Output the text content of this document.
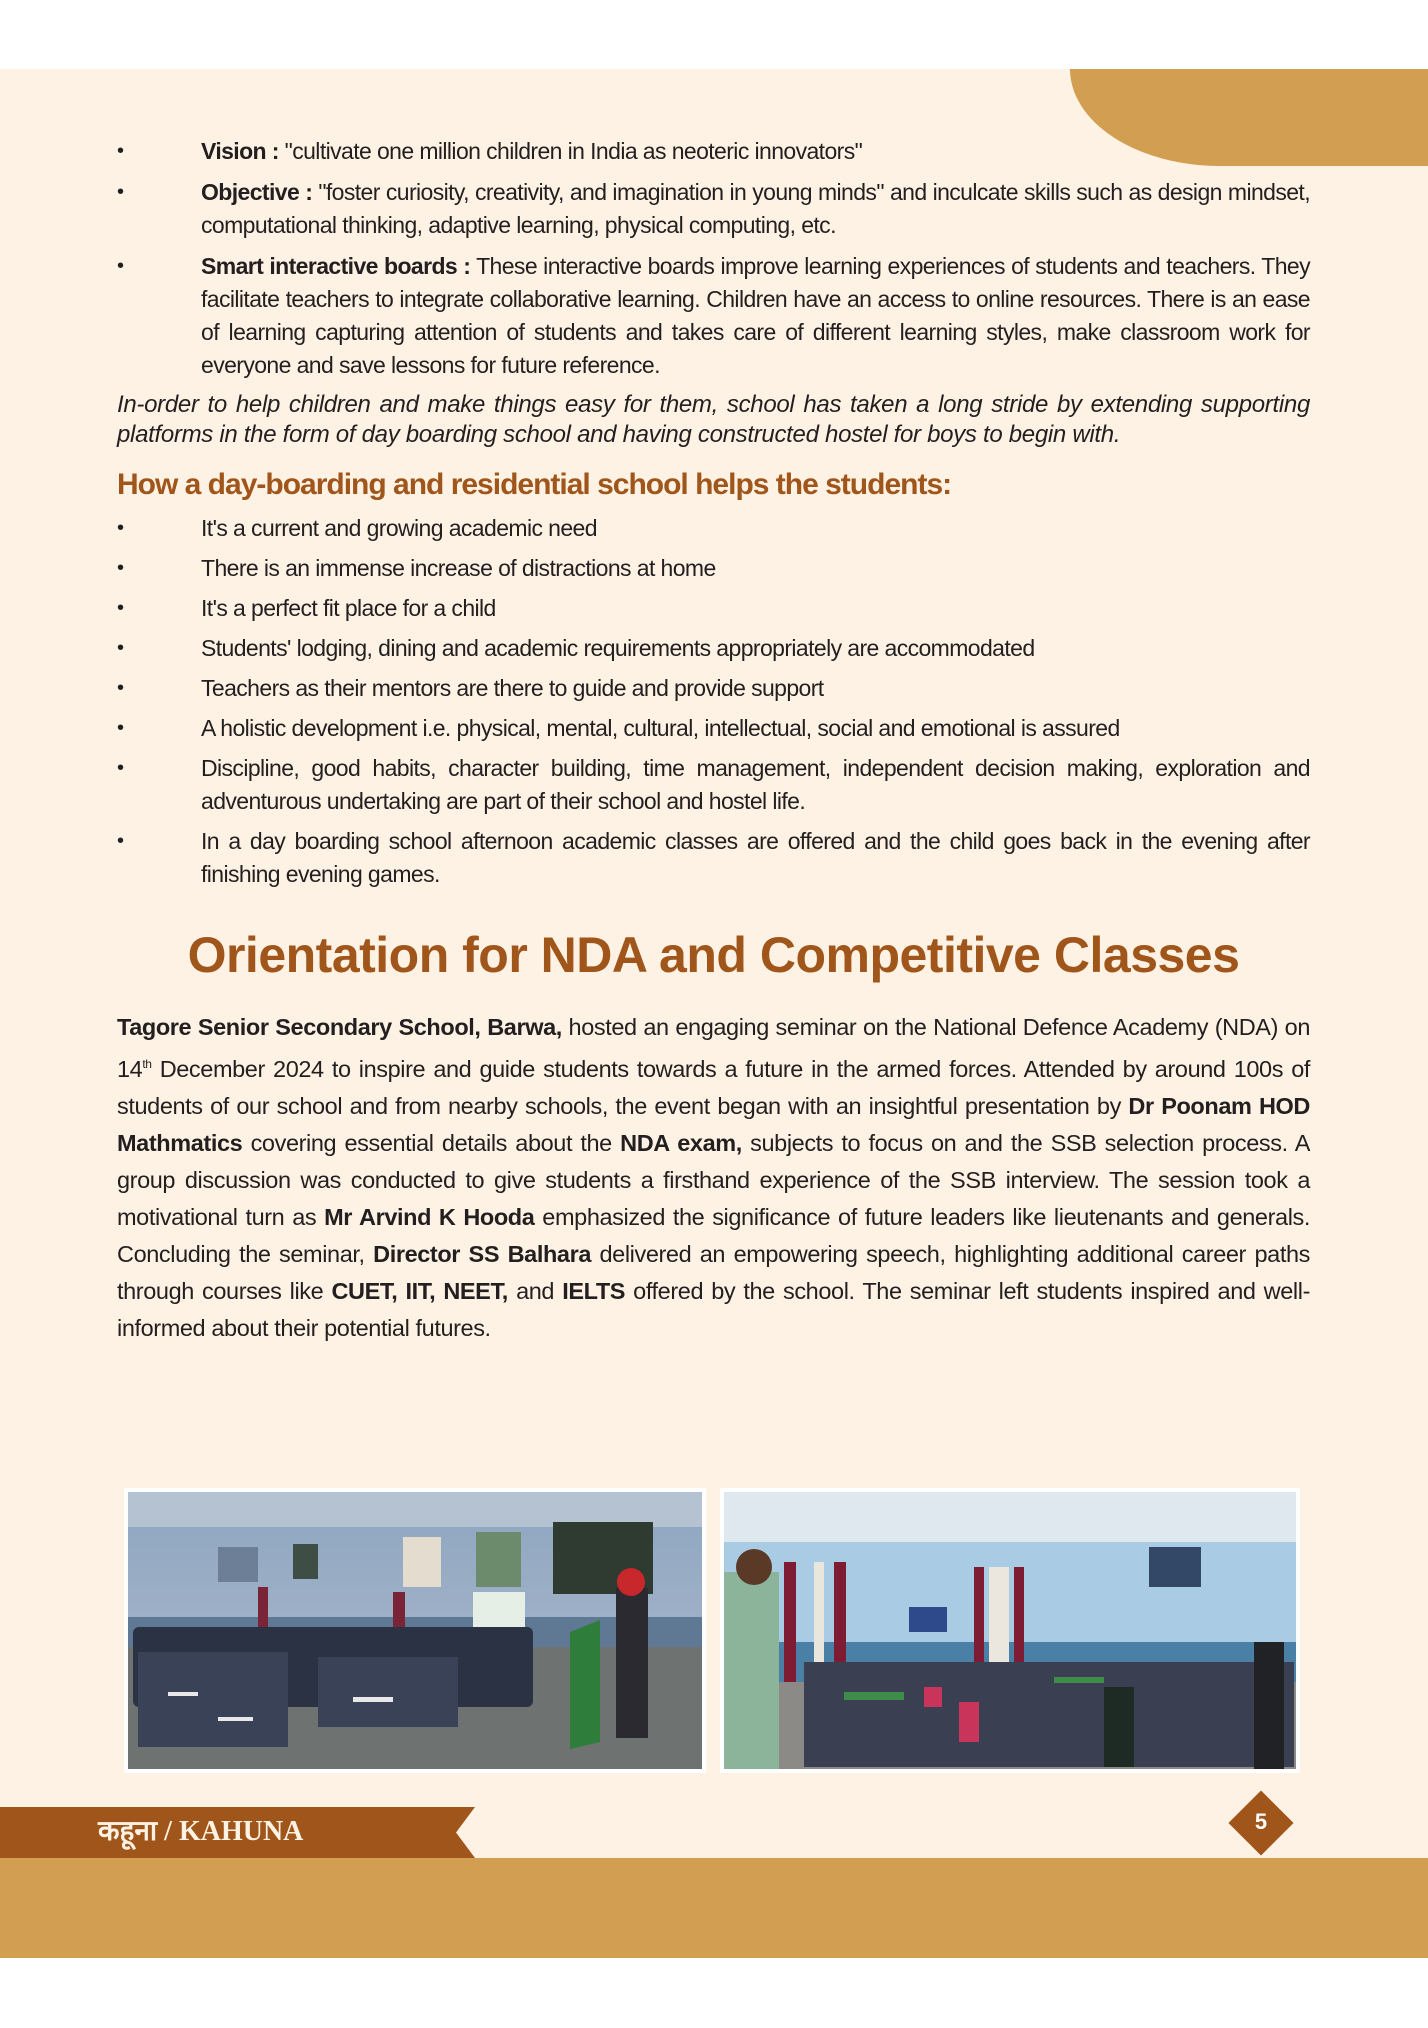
• Vision : "cultivate one million children in India as neoteric innovators"
• Objective : "foster curiosity, creativity, and imagination in young minds" and inculcate skills such as design mindset, computational thinking, adaptive learning, physical computing, etc.
• Smart interactive boards : These interactive boards improve learning experiences of students and teachers. They facilitate teachers to integrate collaborative learning. Children have an access to online resources. There is an ease of learning capturing attention of students and takes care of different learning styles, make classroom work for everyone and save lessons for future reference.

In-order to help children and make things easy for them, school has taken a long stride by extending supporting platforms in the form of day boarding school and having constructed hostel for boys to begin with.

How a day-boarding and residential school helps the students:
• It's a current and growing academic need
• There is an immense increase of distractions at home
• It's a perfect fit place for a child
• Students' lodging, dining and academic requirements appropriately are accommodated
• Teachers as their mentors are there to guide and provide support
• A holistic development i.e. physical, mental, cultural, intellectual, social and emotional is assured
• Discipline, good habits, character building, time management, independent decision making, exploration and adventurous undertaking are part of their school and hostel life.
• In a day boarding school afternoon academic classes are offered and the child goes back in the evening after finishing evening games.
Orientation for NDA and Competitive Classes

Tagore Senior Secondary School, Barwa, hosted an engaging seminar on the National Defence Academy (NDA) on 14th December 2024 to inspire and guide students towards a future in the armed forces. Attended by around 100s of students of our school and from nearby schools, the event began with an insightful presentation by Dr Poonam HOD Mathmatics covering essential details about the NDA exam, subjects to focus on and the SSB selection process. A group discussion was conducted to give students a firsthand experience of the SSB interview. The session took a motivational turn as Mr Arvind K Hooda emphasized the significance of future leaders like lieutenants and generals. Concluding the seminar, Director SS Balhara delivered an empowering speech, highlighting additional career paths through courses like CUET, IIT, NEET, and IELTS offered by the school. The seminar left students inspired and well-informed about their potential futures.

कहूना / KAHUNA	5
